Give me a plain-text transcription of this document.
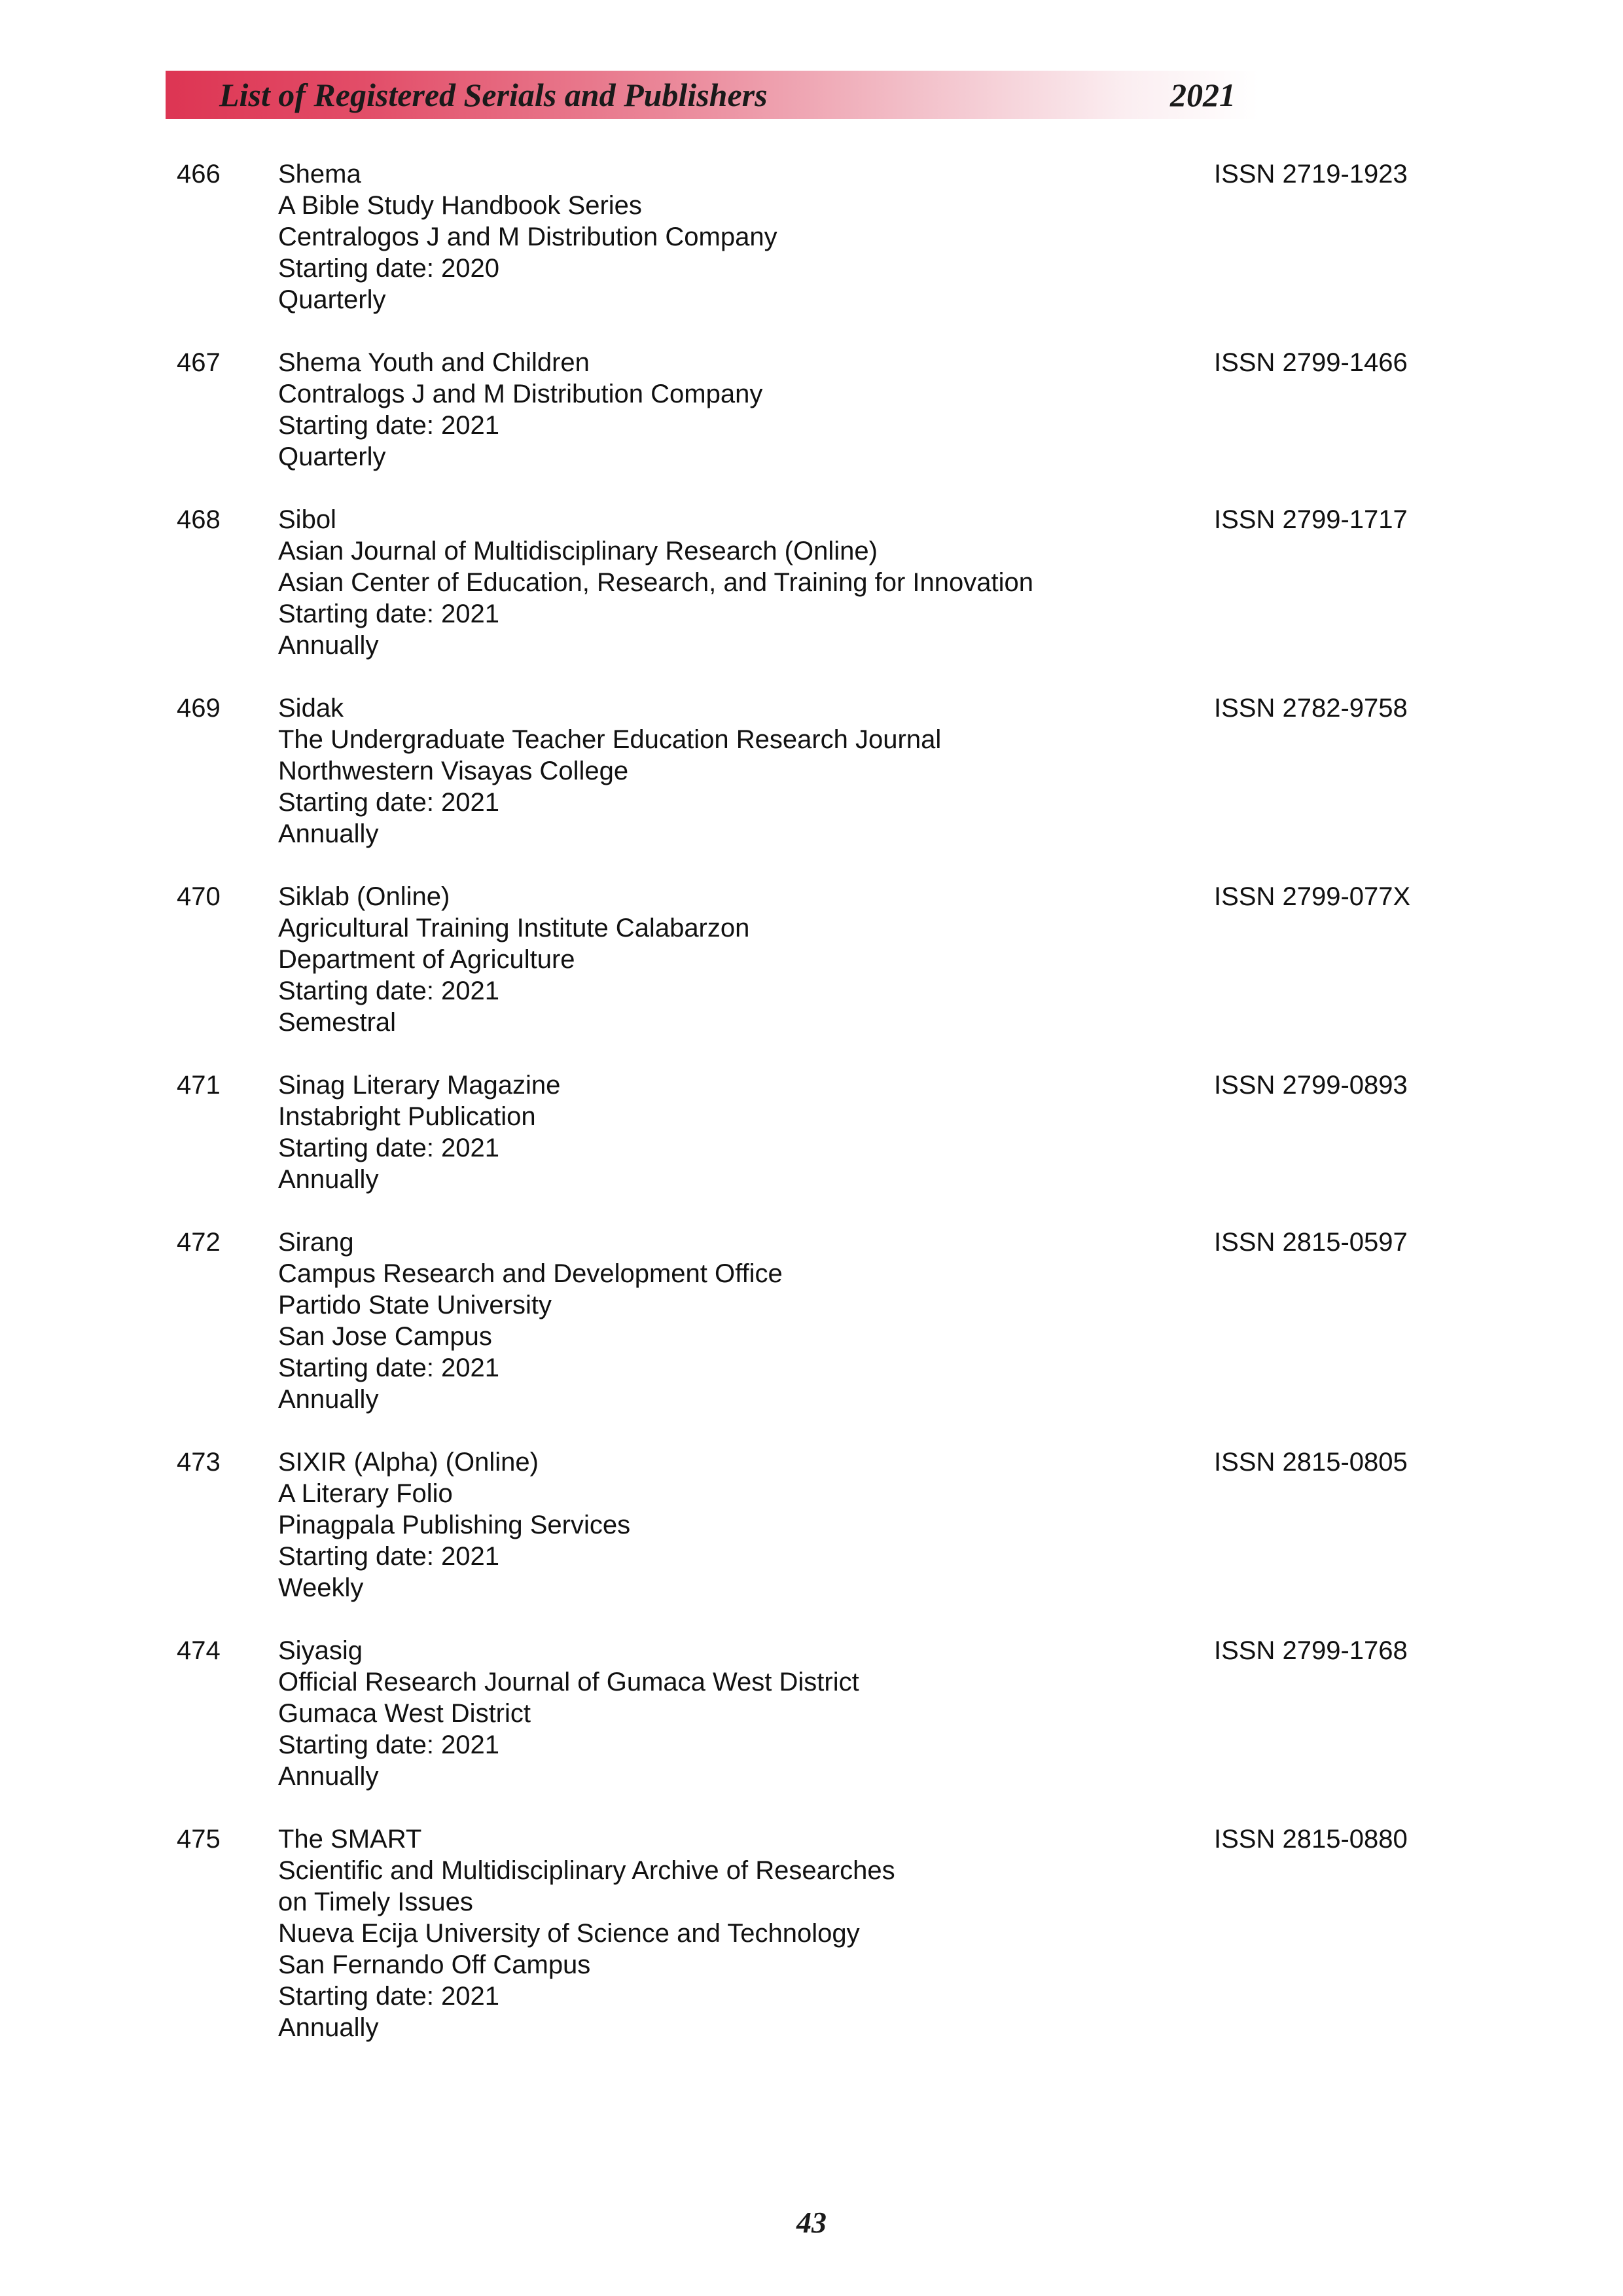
List of Registered Serials and Publishers	2021
466 Shema
A Bible Study Handbook Series
Centralogos J and M Distribution Company
Starting date: 2020
Quarterly
ISSN 2719-1923
467 Shema Youth and Children
Contralogs J and M Distribution Company
Starting date: 2021
Quarterly
ISSN 2799-1466
468 Sibol
Asian Journal of Multidisciplinary Research (Online)
Asian Center of Education, Research, and Training for Innovation
Starting date: 2021
Annually
ISSN 2799-1717
469 Sidak
The Undergraduate Teacher Education Research Journal
Northwestern Visayas College
Starting date: 2021
Annually
ISSN 2782-9758
470 Siklab (Online)
Agricultural Training Institute Calabarzon
Department of Agriculture
Starting date: 2021
Semestral
ISSN 2799-077X
471 Sinag Literary Magazine
Instabright Publication
Starting date: 2021
Annually
ISSN 2799-0893
472 Sirang
Campus Research and Development Office
Partido State University
San Jose Campus
Starting date: 2021
Annually
ISSN 2815-0597
473 SIXIR (Alpha) (Online)
A Literary Folio
Pinagpala Publishing Services
Starting date: 2021
Weekly
ISSN 2815-0805
474 Siyasig
Official Research Journal of Gumaca West District
Gumaca West District
Starting date: 2021
Annually
ISSN 2799-1768
475 The SMART
Scientific and Multidisciplinary Archive of Researches
on Timely Issues
Nueva Ecija University of Science and Technology
San Fernando Off Campus
Starting date: 2021
Annually
ISSN 2815-0880
43
